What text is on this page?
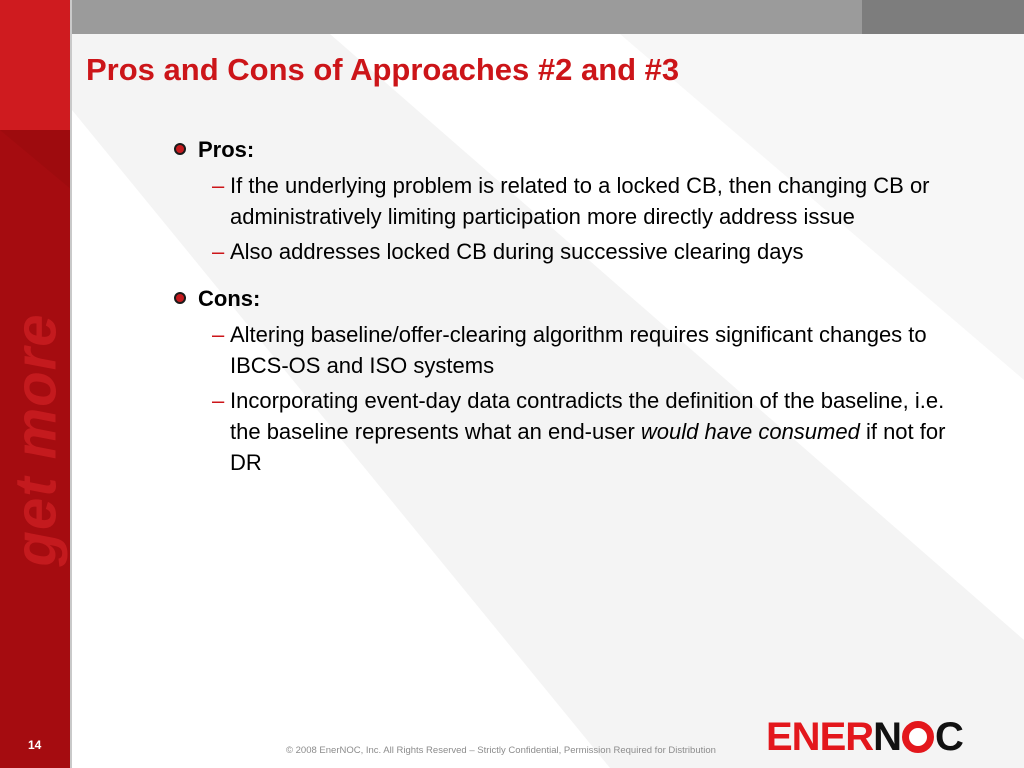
get more
14
Pros and Cons of Approaches #2 and #3
Pros:
– If the underlying problem is related to a locked CB, then changing CB or administratively limiting participation more directly address issue
– Also addresses locked CB during successive clearing days
Cons:
– Altering baseline/offer-clearing algorithm requires significant changes to IBCS-OS and ISO systems
– Incorporating event-day data contradicts the definition of the baseline, i.e. the baseline represents what an end-user would have consumed if not for DR
© 2008 EnerNOC, Inc. All Rights Reserved – Strictly Confidential, Permission Required for Distribution ENER N C
